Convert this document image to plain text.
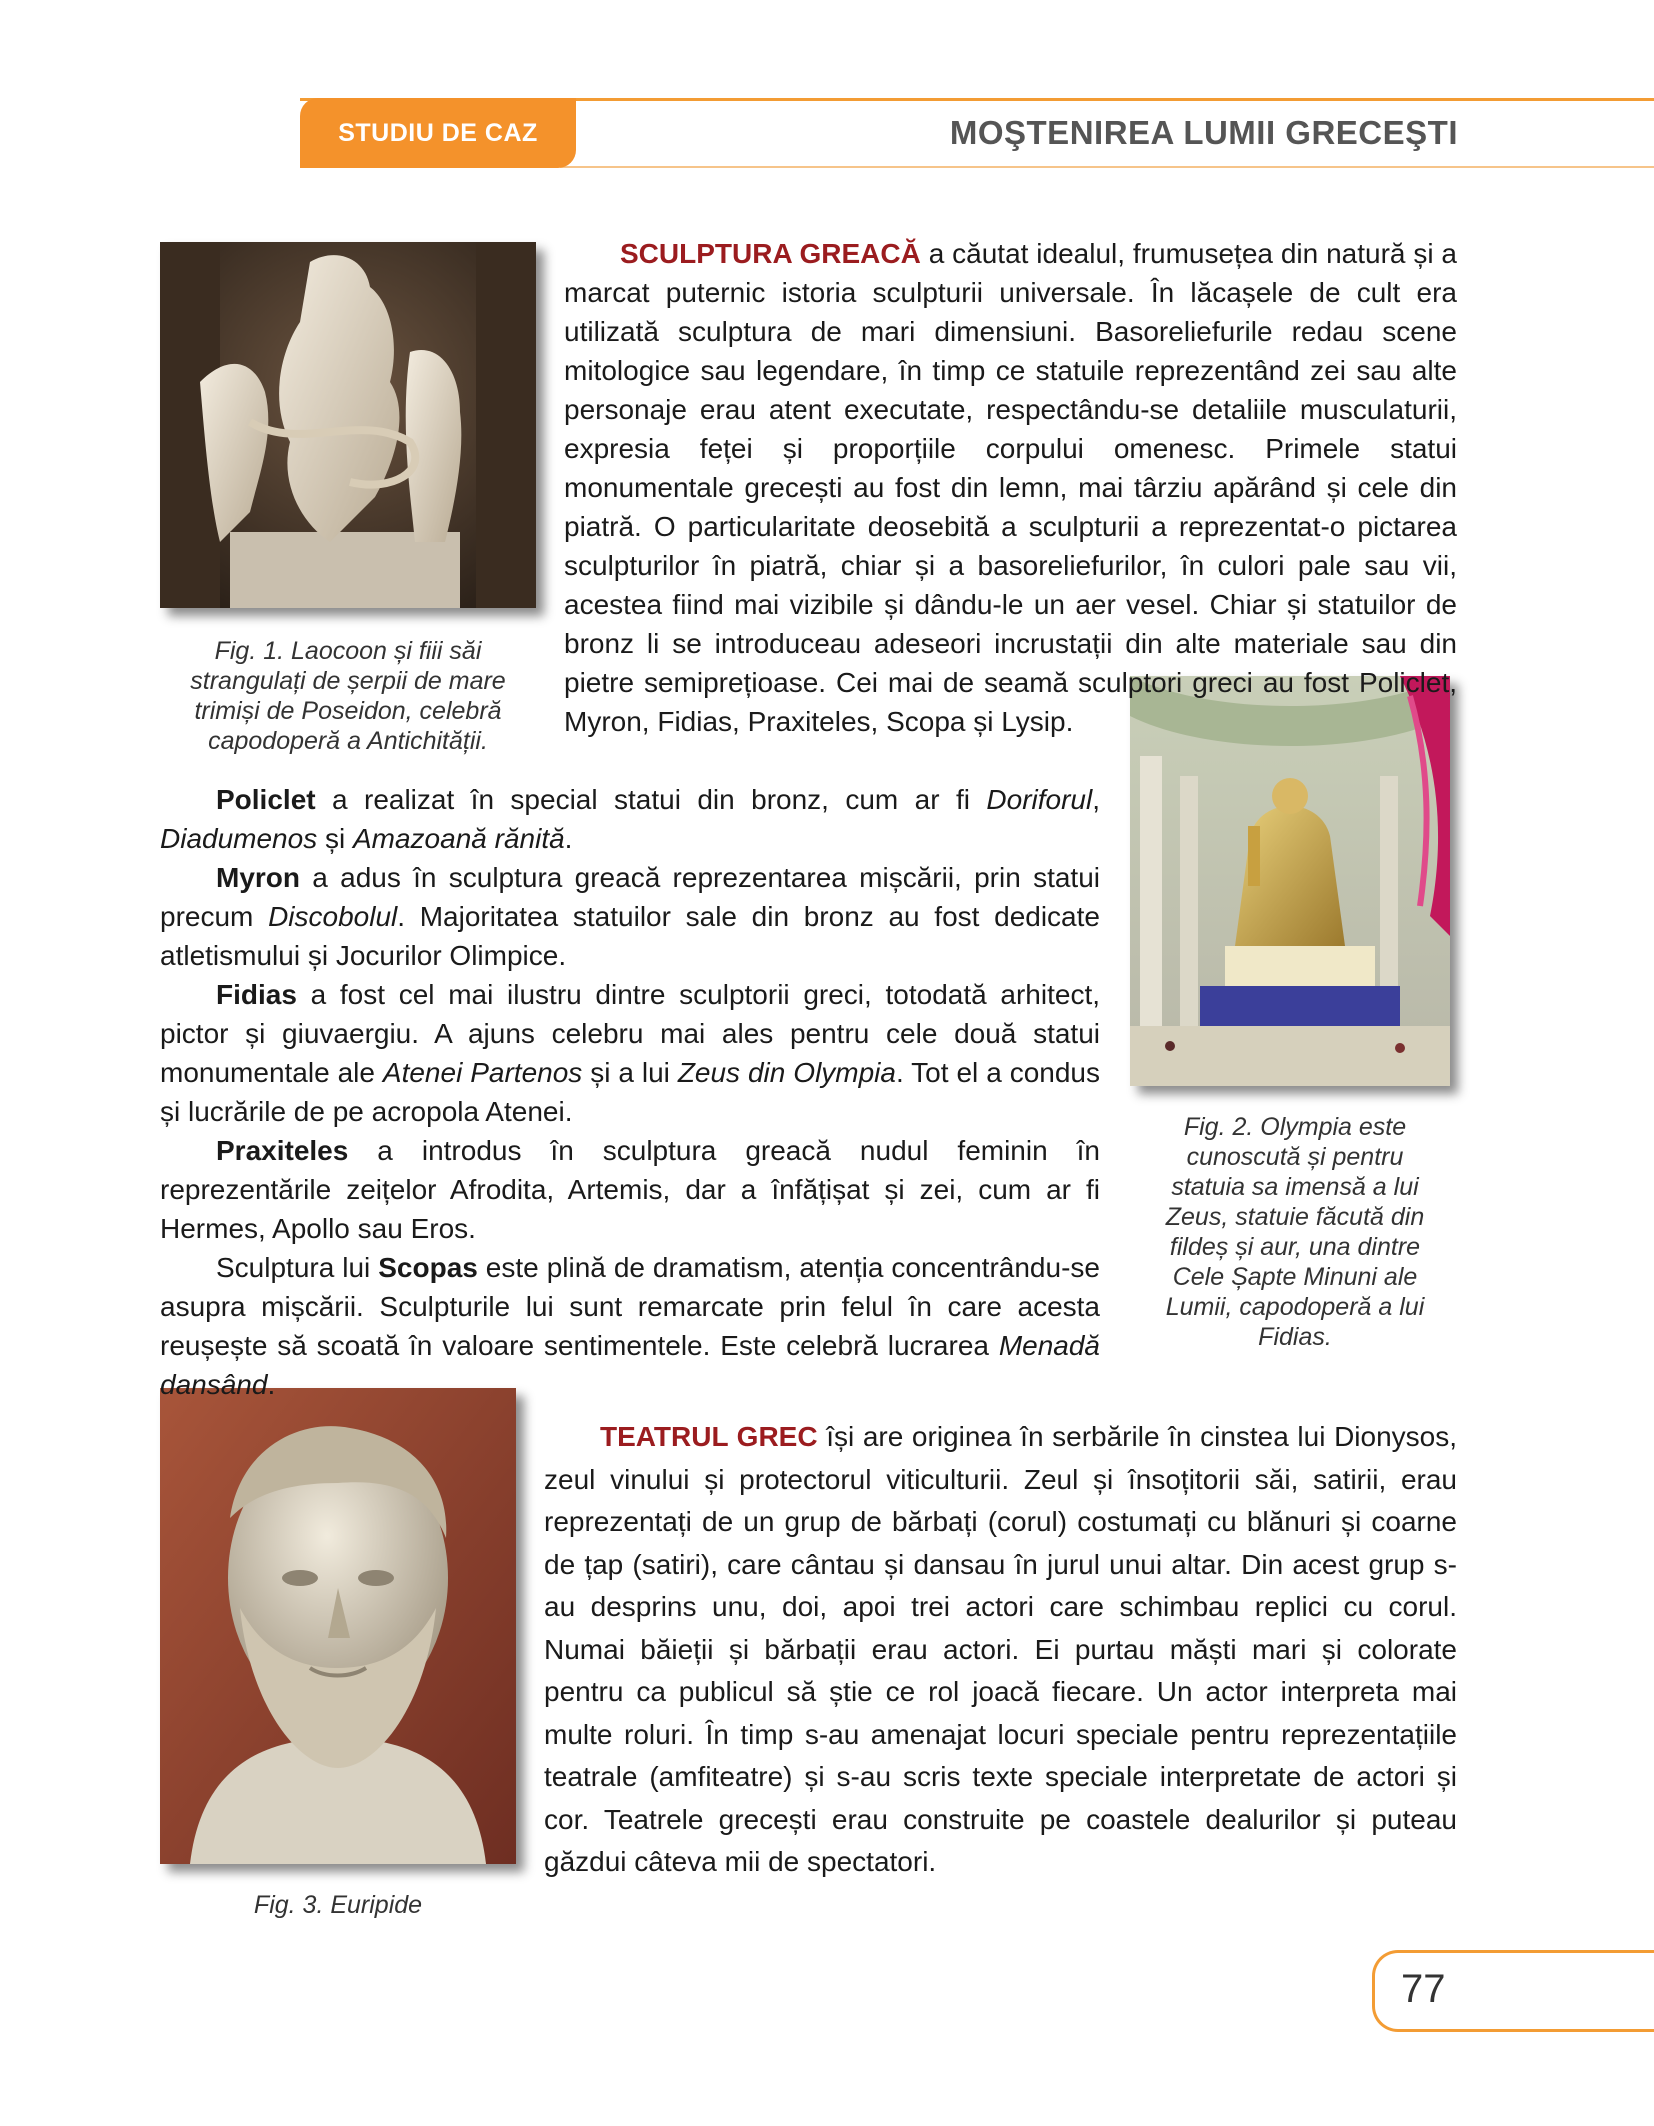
STUDIU DE CAZ	MOŞTENIREA LUMII GRECEŞTI
Fig. 1. Laocoon și fiii săi strangulați de șerpii de mare trimiși de Poseidon, celebră capodoperă a Antichității.
Fig. 2. Olympia este cunoscută și pentru statuia sa imensă a lui Zeus, statuie făcută din fildeș și aur, una dintre Cele Șapte Minuni ale Lumii, capodoperă a lui Fidias.
Fig. 3. Euripide

SCULPTURA GREACĂ a căutat idealul, frumusețea din natură și a marcat puternic istoria sculpturii universale. În lăcașele de cult era utilizată sculptura de mari dimensiuni. Basoreliefurile redau scene mitologice sau legendare, în timp ce statuile reprezentând zei sau alte personaje erau atent executate, respectându-se detaliile musculaturii, expresia feței și proporțiile corpului omenesc. Primele statui monumentale grecești au fost din lemn, mai târziu apărând și cele din piatră. O particularitate deosebită a sculpturii a reprezentat-o pictarea sculpturilor în piatră, chiar și a basoreliefurilor, în culori pale sau vii, acestea fiind mai vizibile și dându-le un aer vesel. Chiar și statuilor de bronz li se introduceau adeseori incrustații din alte materiale sau din pietre semiprețioase. Cei mai de seamă sculptori greci au fost Policlet, Myron, Fidias, Praxiteles, Scopa și Lysip.

Policlet a realizat în special statui din bronz, cum ar fi Doriforul, Diadumenos și Amazoană rănită.

Myron a adus în sculptura greacă reprezentarea mișcării, prin statui precum Discobolul. Majoritatea statuilor sale din bronz au fost dedicate atletismului și Jocurilor Olimpice.

Fidias a fost cel mai ilustru dintre sculptorii greci, totodată arhitect, pictor și giuvaergiu. A ajuns celebru mai ales pentru cele două statui monumentale ale Atenei Partenos și a lui Zeus din Olympia. Tot el a condus și lucrările de pe acropola Atenei.

Praxiteles a introdus în sculptura greacă nudul feminin în reprezentările zeițelor Afrodita, Artemis, dar a înfățișat și zei, cum ar fi Hermes, Apollo sau Eros.

Sculptura lui Scopas este plină de dramatism, atenția concentrându-se asupra mișcării. Sculpturile lui sunt remarcate prin felul în care acesta reușește să scoată în valoare sentimentele. Este celebră lucrarea Menadă dansând.

TEATRUL GREC își are originea în serbările în cinstea lui Dionysos, zeul vinului și protectorul viticulturii. Zeul și însoțitorii săi, satirii, erau reprezentați de un grup de bărbați (corul) costumați cu blănuri și coarne de țap (satiri), care cântau și dansau în jurul unui altar. Din acest grup s-au desprins unu, doi, apoi trei actori care schimbau replici cu corul. Numai băieții și bărbații erau actori. Ei purtau măști mari și colorate pentru ca publicul să știe ce rol joacă fiecare. Un actor interpreta mai multe roluri. În timp s-au amenajat locuri speciale pentru reprezentațiile teatrale (amfiteatre) și s-au scris texte speciale interpretate de actori și cor. Teatrele grecești erau construite pe coastele dealurilor și puteau găzdui câteva mii de spectatori.

77
